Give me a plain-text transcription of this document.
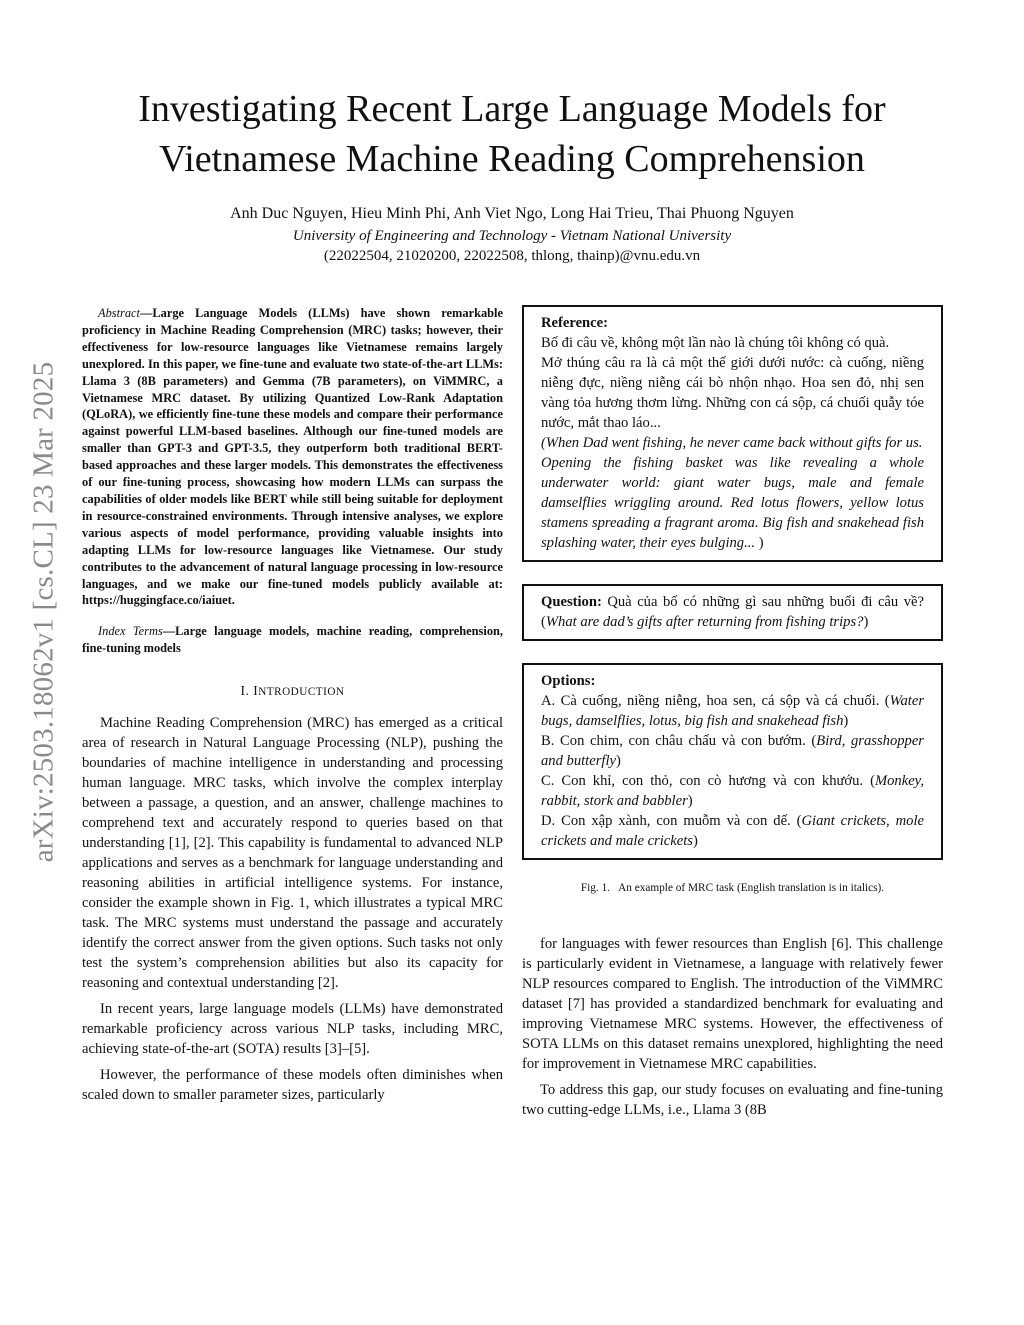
arXiv:2503.18062v1 [cs.CL] 23 Mar 2025
Investigating Recent Large Language Models for Vietnamese Machine Reading Comprehension
Anh Duc Nguyen, Hieu Minh Phi, Anh Viet Ngo, Long Hai Trieu, Thai Phuong Nguyen
University of Engineering and Technology - Vietnam National University
(22022504, 21020200, 22022508, thlong, thainp)@vnu.edu.vn

Abstract—Large Language Models (LLMs) have shown remarkable proficiency in Machine Reading Comprehension (MRC) tasks; however, their effectiveness for low-resource languages like Vietnamese remains largely unexplored. In this paper, we fine-tune and evaluate two state-of-the-art LLMs: Llama 3 (8B parameters) and Gemma (7B parameters), on ViMMRC, a Vietnamese MRC dataset. By utilizing Quantized Low-Rank Adaptation (QLoRA), we efficiently fine-tune these models and compare their performance against powerful LLM-based baselines. Although our fine-tuned models are smaller than GPT-3 and GPT-3.5, they outperform both traditional BERT-based approaches and these larger models. This demonstrates the effectiveness of our fine-tuning process, showcasing how modern LLMs can surpass the capabilities of older models like BERT while still being suitable for deployment in resource-constrained environments. Through intensive analyses, we explore various aspects of model performance, providing valuable insights into adapting LLMs for low-resource languages like Vietnamese. Our study contributes to the advancement of natural language processing in low-resource languages, and we make our fine-tuned models publicly available at: https://huggingface.co/iaiuet.

Index Terms—Large language models, machine reading, comprehension, fine-tuning models

I. INTRODUCTION

Machine Reading Comprehension (MRC) has emerged as a critical area of research in Natural Language Processing (NLP), pushing the boundaries of machine intelligence in understanding and processing human language. MRC tasks, which involve the complex interplay between a passage, a question, and an answer, challenge machines to comprehend text and accurately respond to queries based on that understanding [1], [2]. This capability is fundamental to advanced NLP applications and serves as a benchmark for language understanding and reasoning abilities in artificial intelligence systems. For instance, consider the example shown in Fig. 1, which illustrates a typical MRC task. The MRC systems must understand the passage and accurately identify the correct answer from the given options. Such tasks not only test the system’s comprehension abilities but also its capacity for reasoning and contextual understanding [2].

In recent years, large language models (LLMs) have demonstrated remarkable proficiency across various NLP tasks, including MRC, achieving state-of-the-art (SOTA) results [3]–[5].

However, the performance of these models often diminishes when scaled down to smaller parameter sizes, particularly

Reference:

Bố đi câu về, không một lần nào là chúng tôi không có quà.

Mở thúng câu ra là cả một thế giới dưới nước: cà cuống, niềng niễng đực, niềng niễng cái bò nhộn nhạo. Hoa sen đỏ, nhị sen vàng tỏa hương thơm lừng. Những con cá sộp, cá chuối quẫy tóe nước, mắt thao láo...

(When Dad went fishing, he never came back without gifts for us.

Opening the fishing basket was like revealing a whole underwater world: giant water bugs, male and female damselflies wriggling around. Red lotus flowers, yellow lotus stamens spreading a fragrant aroma. Big fish and snakehead fish splashing water, their eyes bulging... )

Question: Quà của bố có những gì sau những buổi đi câu về? (What are dad’s gifts after returning from fishing trips?)

Options:

A. Cà cuống, niềng niễng, hoa sen, cá sộp và cá chuối. (Water bugs, damselflies, lotus, big fish and snakehead fish)

B. Con chim, con châu chấu và con bướm. (Bird, grasshopper and butterfly)

C. Con khỉ, con thỏ, con cò hương và con khướu. (Monkey, rabbit, stork and babbler)

D. Con xập xành, con muỗm và con dế. (Giant crickets, mole crickets and male crickets)

Fig. 1. An example of MRC task (English translation is in italics).

for languages with fewer resources than English [6]. This challenge is particularly evident in Vietnamese, a language with relatively fewer NLP resources compared to English. The introduction of the ViMMRC dataset [7] has provided a standardized benchmark for evaluating and improving Vietnamese MRC systems. However, the effectiveness of SOTA LLMs on this dataset remains unexplored, highlighting the need for improvement in Vietnamese MRC capabilities.

To address this gap, our study focuses on evaluating and fine-tuning two cutting-edge LLMs, i.e., Llama 3 (8B
